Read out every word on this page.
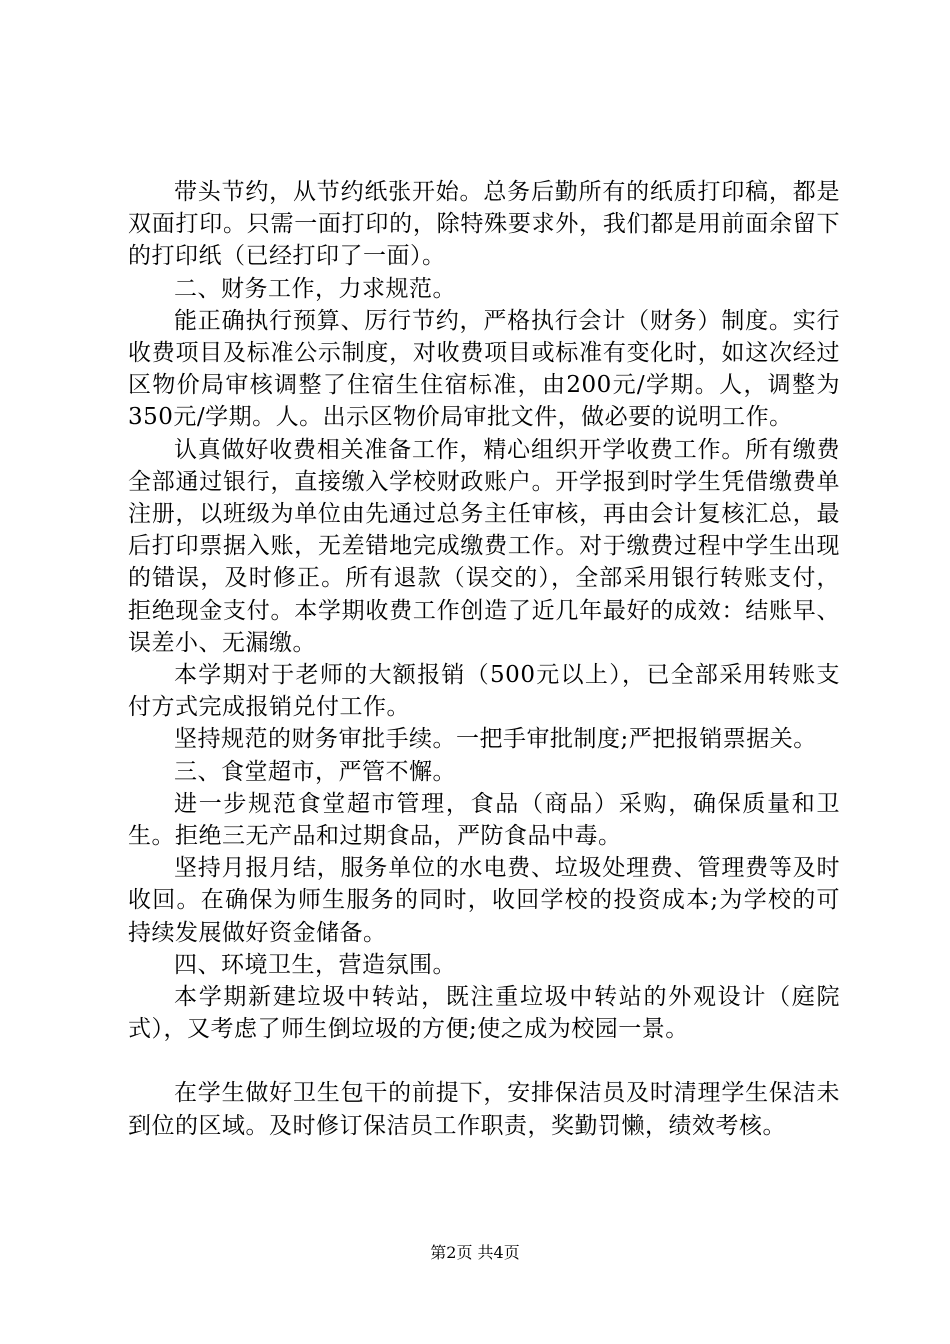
带头节约，从节约纸张开始。总务后勤所有的纸质打印稿，都是双面打印。只需一面打印的，除特殊要求外，我们都是用前面余留下的打印纸（已经打印了一面）。

二、财务工作，力求规范。

能正确执行预算、厉行节约，严格执行会计（财务）制度。实行收费项目及标准公示制度，对收费项目或标准有变化时，如这次经过区物价局审核调整了住宿生住宿标准，由200元/学期。人，调整为350元/学期。人。出示区物价局审批文件，做必要的说明工作。

认真做好收费相关准备工作，精心组织开学收费工作。所有缴费全部通过银行，直接缴入学校财政账户。开学报到时学生凭借缴费单注册，以班级为单位由先通过总务主任审核，再由会计复核汇总，最后打印票据入账，无差错地完成缴费工作。对于缴费过程中学生出现的错误，及时修正。所有退款（误交的），全部采用银行转账支付，拒绝现金支付。本学期收费工作创造了近几年最好的成效：结账早、误差小、无漏缴。

本学期对于老师的大额报销（500元以上），已全部采用转账支付方式完成报销兑付工作。

坚持规范的财务审批手续。一把手审批制度;严把报销票据关。

三、食堂超市，严管不懈。

进一步规范食堂超市管理，食品（商品）采购，确保质量和卫生。拒绝三无产品和过期食品，严防食品中毒。

坚持月报月结，服务单位的水电费、垃圾处理费、管理费等及时收回。在确保为师生服务的同时，收回学校的投资成本;为学校的可持续发展做好资金储备。

四、环境卫生，营造氛围。

本学期新建垃圾中转站，既注重垃圾中转站的外观设计（庭院式），又考虑了师生倒垃圾的方便;使之成为校园一景。

在学生做好卫生包干的前提下，安排保洁员及时清理学生保洁未到位的区域。及时修订保洁员工作职责，奖勤罚懒，绩效考核。

第2页 共4页
